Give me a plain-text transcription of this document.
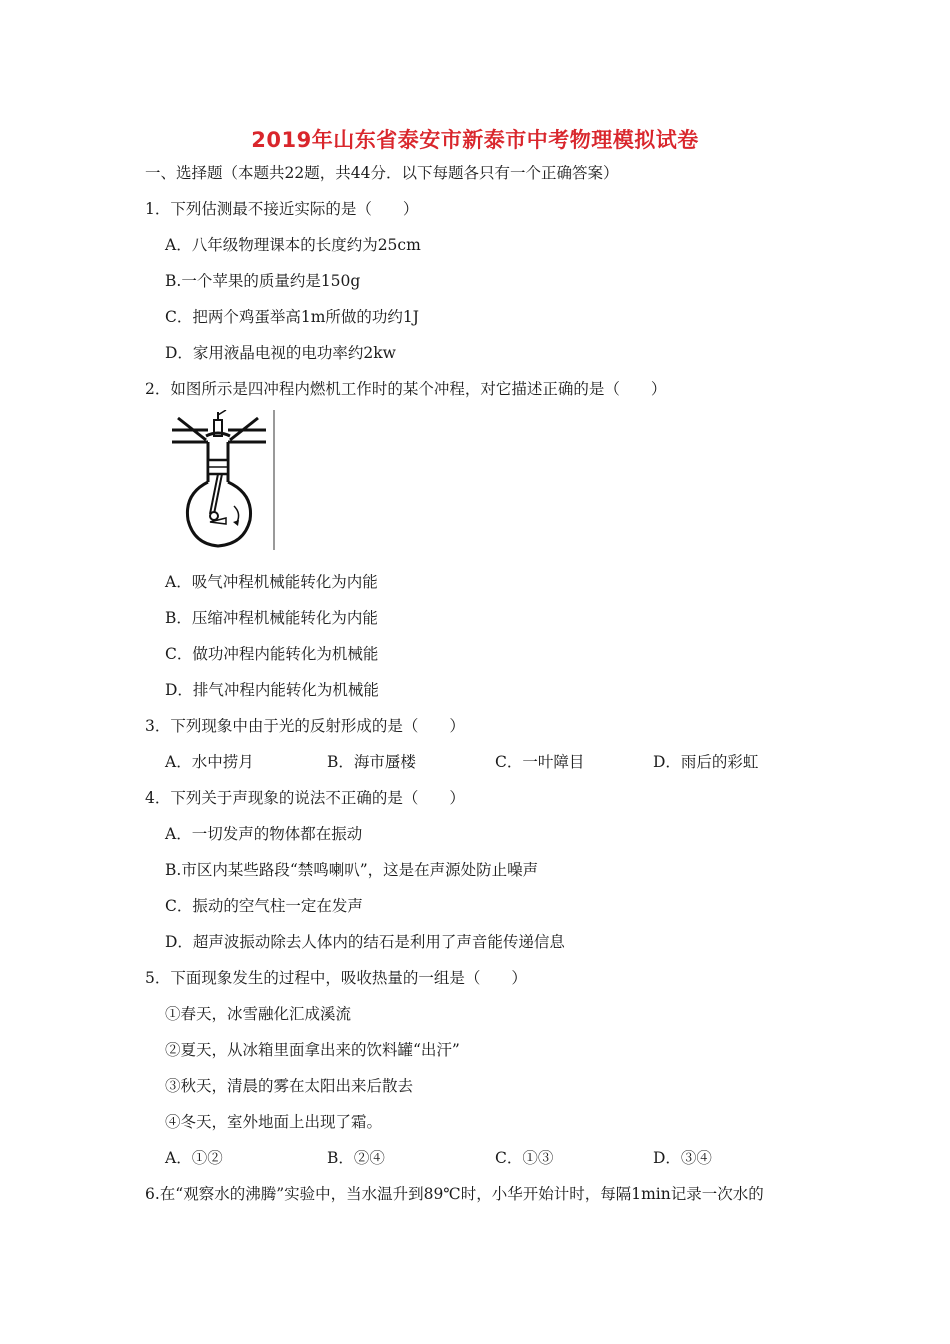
2019年山东省泰安市新泰市中考物理模拟试卷
一、选择题（本题共22题，共44分．以下每题各只有一个正确答案）
1．下列估测最不接近实际的是（　　）
A．八年级物理课本的长度约为25cm
B.一个苹果的质量约是150g
C．把两个鸡蛋举高1m所做的功约1J
D．家用液晶电视的电功率约2kw
2．如图所示是四冲程内燃机工作时的某个冲程，对它描述正确的是（　　）
A．吸气冲程机械能转化为内能
B．压缩冲程机械能转化为内能
C．做功冲程内能转化为机械能
D．排气冲程内能转化为机械能
3．下列现象中由于光的反射形成的是（　　）
A．水中捞月	B．海市蜃楼	C．一叶障目	D．雨后的彩虹
4．下列关于声现象的说法不正确的是（　　）
A．一切发声的物体都在振动
B.市区内某些路段“禁鸣喇叭”，这是在声源处防止噪声
C．振动的空气柱一定在发声
D．超声波振动除去人体内的结石是利用了声音能传递信息
5．下面现象发生的过程中，吸收热量的一组是（　　）
①春天，冰雪融化汇成溪流
②夏天，从冰箱里面拿出来的饮料罐“出汗”
③秋天，清晨的雾在太阳出来后散去
④冬天，室外地面上出现了霜。
A．①②	B．②④	C．①③	D．③④
6.在“观察水的沸腾”实验中，当水温升到89℃时，小华开始计时，每隔1min记录一次水的
